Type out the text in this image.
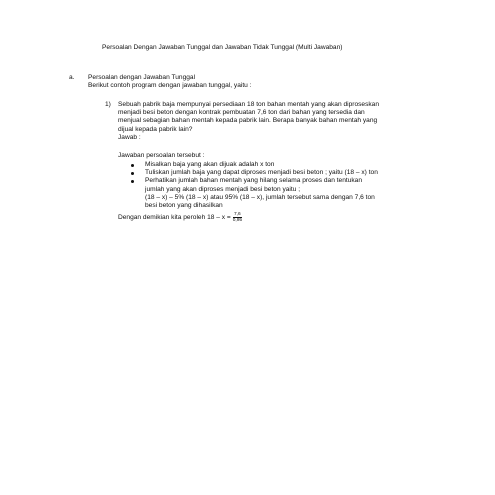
Persoalan Dengan Jawaban Tunggal dan Jawaban Tidak Tunggal (Multi Jawaban)
a. Persoalan dengan Jawaban Tunggal
Berikut contoh program dengan jawaban tunggal, yaitu :
1) Sebuah pabrik baja mempunyai persediaan 18 ton bahan mentah yang akan diproseskan
menjadi besi beton dengan kontrak pembuatan 7,6 ton dari bahan yang tersedia dan
menjual sebagian bahan mentah kepada pabrik lain. Berapa banyak bahan mentah yang
dijual kepada pabrik lain?
Jawab :
Jawaban persoalan tersebut :
Misalkan baja yang akan dijuak adalah x ton
Tuliskan jumlah baja yang dapat diproses menjadi besi beton ; yaitu (18 – x) ton
Perhatikan jumlah bahan mentah yang hilang selama proses dan tentukan
jumlah yang akan diproses menjadi besi beton yaitu ;
(18 – x) – 5% (18 – x) atau 95% (18 – x), jumlah tersebut sama dengan 7,6 ton
besi beton yang dihasilkan
Dengan demikian kita peroleh $18 - x = \frac{7,6}{0,95}$
